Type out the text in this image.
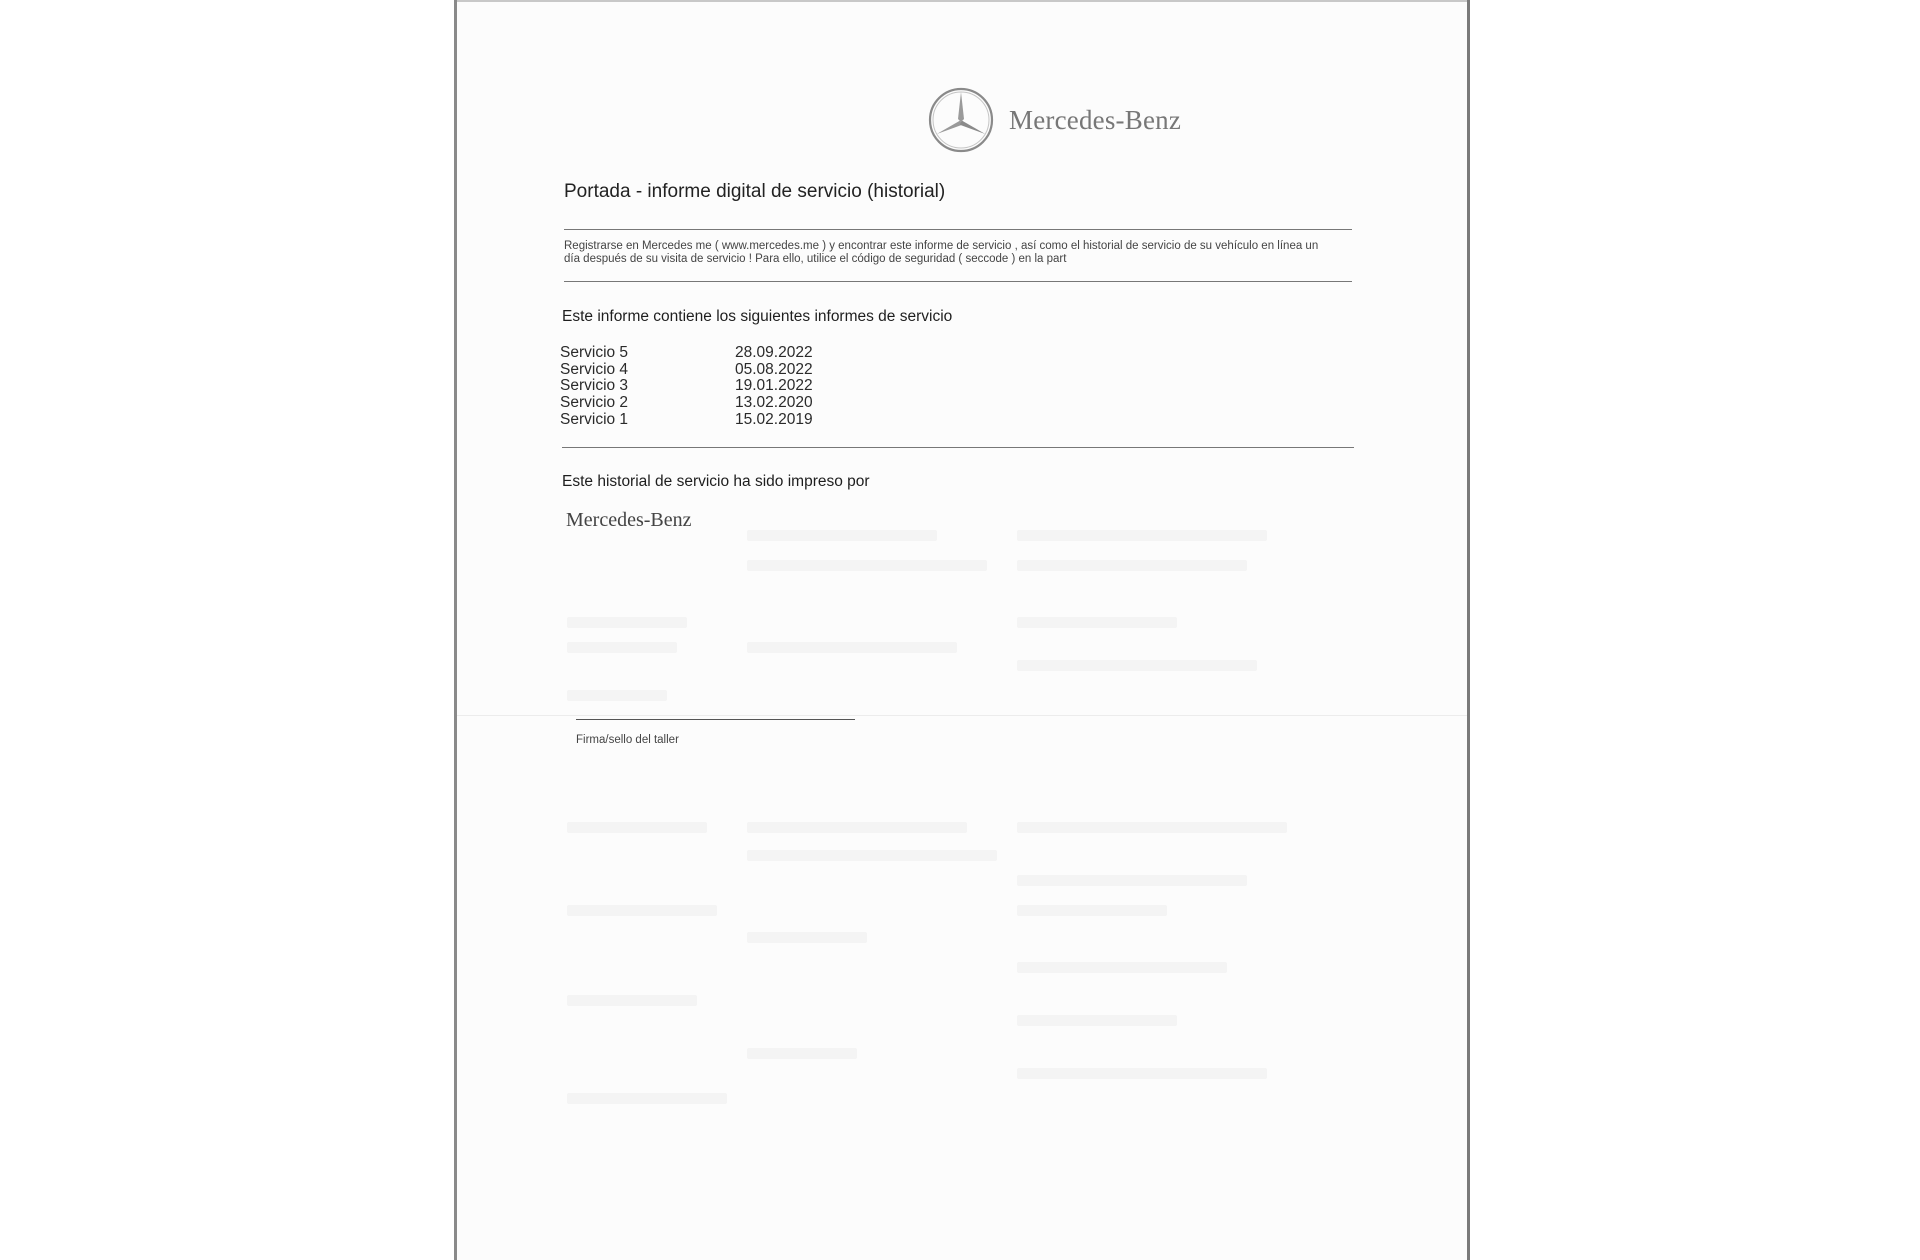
Mercedes-Benz
Portada - informe digital de servicio (historial)
Registrarse en Mercedes me ( www.mercedes.me ) y encontrar este informe de servicio , así como el historial de servicio de su vehículo en línea un día después de su visita de servicio ! Para ello, utilice el código de seguridad ( seccode ) en la part
Este informe contiene los siguientes informes de servicio
Servicio 5	28.09.2022
Servicio 4	05.08.2022
Servicio 3	19.01.2022
Servicio 2	13.02.2020
Servicio 1	15.02.2019
Este historial de servicio ha sido impreso por
Mercedes-Benz
Firma/sello del taller
